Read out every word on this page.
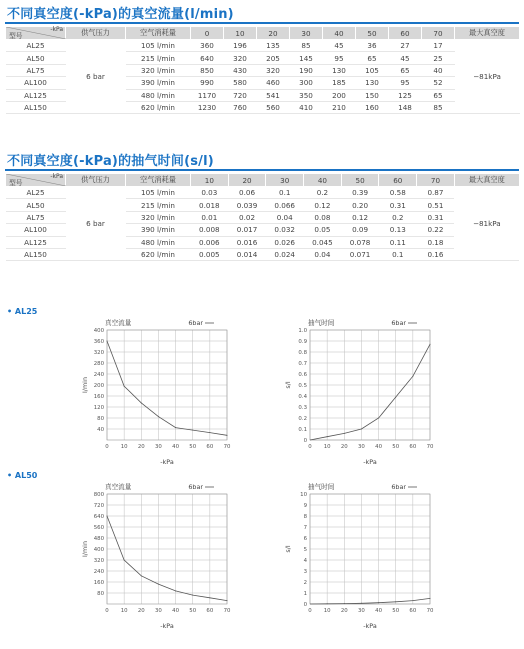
不同真空度(-kPa)的真空流量(l/min)
-kPa
型号	供气压力	空气消耗量	0	10	20	30	40	50	60	70	最大真空度
AL25	6 bar	105 l/min	360	196	135	85	45	36	27	17	−81kPa
AL50		215 l/min	640	320	205	145	95	65	45	25	
AL75		320 l/min	850	430	320	190	130	105	65	40	
AL100		390 l/min	990	580	460	300	185	130	95	52	
AL125		480 l/min	1170	720	541	350	200	150	125	65	
AL150		620 l/min	1230	760	560	410	210	160	148	85	
不同真空度(-kPa)的抽气时间(s/l)
-kPa
型号	供气压力	空气消耗量	10	20	30	40	50	60	70	最大真空度
AL25	6 bar	105 l/min	0.03	0.06	0.1	0.2	0.39	0.58	0.87	−81kPa
AL50		215 l/min	0.018	0.039	0.066	0.12	0.20	0.31	0.51	
AL75		320 l/min	0.01	0.02	0.04	0.08	0.12	0.2	0.31	
AL100		390 l/min	0.008	0.017	0.032	0.05	0.09	0.13	0.22	
AL125		480 l/min	0.006	0.016	0.026	0.045	0.078	0.11	0.18	
AL150		620 l/min	0.005	0.014	0.024	0.04	0.071	0.1	0.16	
• AL25
• AL50
40
80
120
160
200
240
280
320
360
400
0 10 20 30 40 50 60 70
真空流量	6bar
-kPa
l/min
0
0.1
0.2
0.3
0.4
0.5
0.6
0.7
0.8
0.9
1.0
0 10 20 30 40 50 60 70
抽气时间	6bar
-kPa
s/l
80
160
240
320
400
480
560
640
720
800
0 10 20 30 40 50 60 70
真空流量	6bar
-kPa
l/min
0
1
2
3
4
5
6
7
8
9
10
0 10 20 30 40 50 60 70
抽气时间	6bar
-kPa
s/l
